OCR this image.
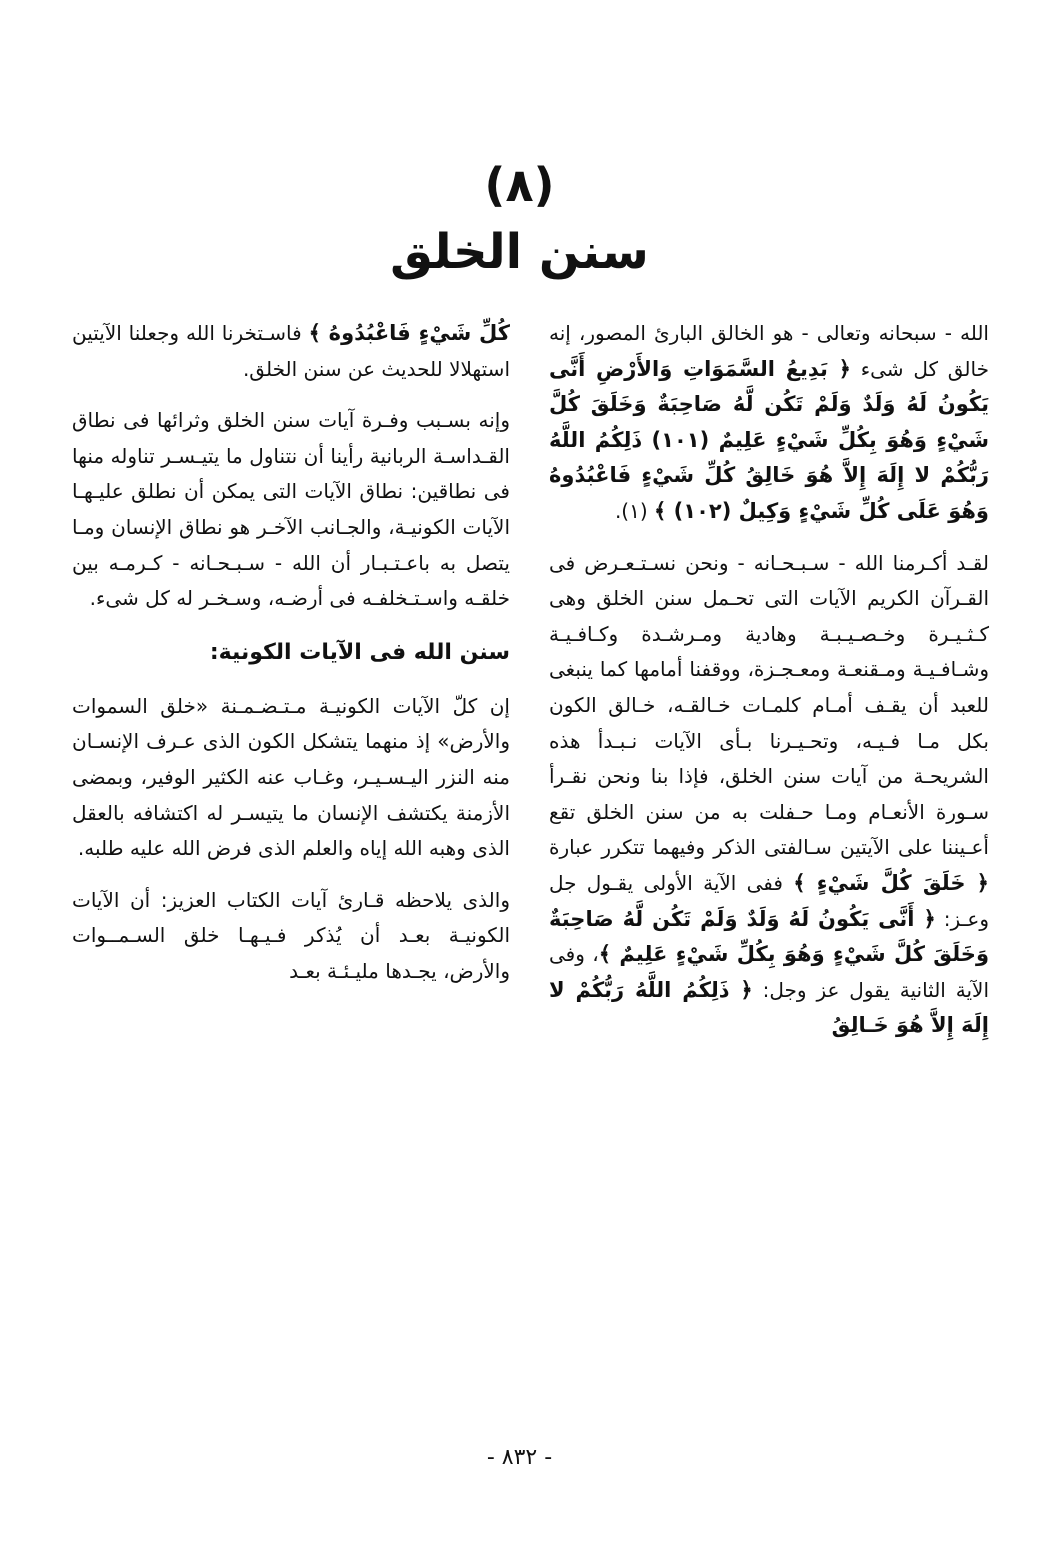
(٨)
سنن الخلق

الله - سبحانه وتعالى - هو الخالق البارئ المصور، إنه خالق كل شىء ﴿ بَدِيعُ السَّمَوَاتِ وَالأَرْضِ أَنَّى يَكُونُ لَهُ وَلَدٌ وَلَمْ تَكُن لَّهُ صَاحِبَةٌ وَخَلَقَ كُلَّ شَيْءٍ وَهُوَ بِكُلِّ شَيْءٍ عَلِيمٌ (١٠١) ذَلِكُمُ اللَّهُ رَبُّكُمْ لا إِلَهَ إِلاَّ هُوَ خَالِقُ كُلِّ شَيْءٍ فَاعْبُدُوهُ وَهُوَ عَلَى كُلِّ شَيْءٍ وَكِيلٌ (١٠٢) ﴾ (١).

لقـد أكـرمنا الله - سـبـحـانه - ونحن نسـتـعـرض فى القـرآن الكريم الآيات التى تحـمل سنن الخلق وهى كـثـيـرة وخـصـيـبـة وهادية ومـرشـدة وكـافـيـة وشـافـيـة ومـقنعـة ومعـجـزة، ووقفنا أمامها كما ينبغى للعبد أن يقـف أمـام كلمـات خـالقـه، خـالق الكون بكل مـا فـيـه، وتحـيـرنا بـأى الآيات نـبـدأ هذه الشريحـة من آيات سنن الخلق، فإذا بنا ونحن نقـرأ سـورة الأنعـام ومـا حـفلت به من سنن الخلق تقع أعـيننا على الآيتين سـالفتى الذكر وفيهما تتكرر عبارة ﴿ خَلَقَ كُلَّ شَيْءٍ ﴾ ففى الآية الأولى يقـول جل وعـز: ﴿ أَنَّى يَكُونُ لَهُ وَلَدٌ وَلَمْ تَكُن لَّهُ صَاحِبَةٌ وَخَلَقَ كُلَّ شَيْءٍ وَهُوَ بِكُلِّ شَيْءٍ عَلِيمٌ ﴾، وفى الآية الثانية يقول عز وجل: ﴿ ذَلِكُمُ اللَّهُ رَبُّكُمْ لا إِلَهَ إِلاَّ هُوَ خَـالِقُ

كُلِّ شَيْءٍ فَاعْبُدُوهُ ﴾ فاسـتخرنا الله وجعلنا الآيتين استهلالا للحديث عن سنن الخلق.

وإنه بسـبب وفـرة آيات سنن الخلق وثرائها فى نطاق القـداسـة الربانية رأينا أن نتناول ما يتيـسـر تناوله منها فى نطاقين: نطاق الآيات التى يمكن أن نطلق عليـهـا الآيات الكونيـة، والجـانب الآخـر هو نطاق الإنسان ومـا يتصل به باعـتـبـار أن الله - سـبـحـانه - كـرمـه بين خلقـه واسـتـخلفـه فى أرضـه، وسـخـر له كل شىء.

سنن الله فى الآيات الكونية:

إن كلّ الآيات الكونيـة مـتـضـمـنة «خلق السموات والأرض» إذ منهما يتشكل الكون الذى عـرف الإنسـان منه النزر اليـسـيـر، وغـاب عنه الكثير الوفير، وبمضى الأزمنة يكتشف الإنسان ما يتيسـر له اكتشافه بالعقل الذى وهبه الله إياه والعلم الذى فرض الله عليه طلبه.

والذى يلاحظه قـارئ آيات الكتاب العزيز: أن الآيات الكونيـة بعـد أن يُذكر فـيـهـا خلق السـمــوات والأرض، يجـدها مليـئـة بعـد

- ٨٣٢ -
